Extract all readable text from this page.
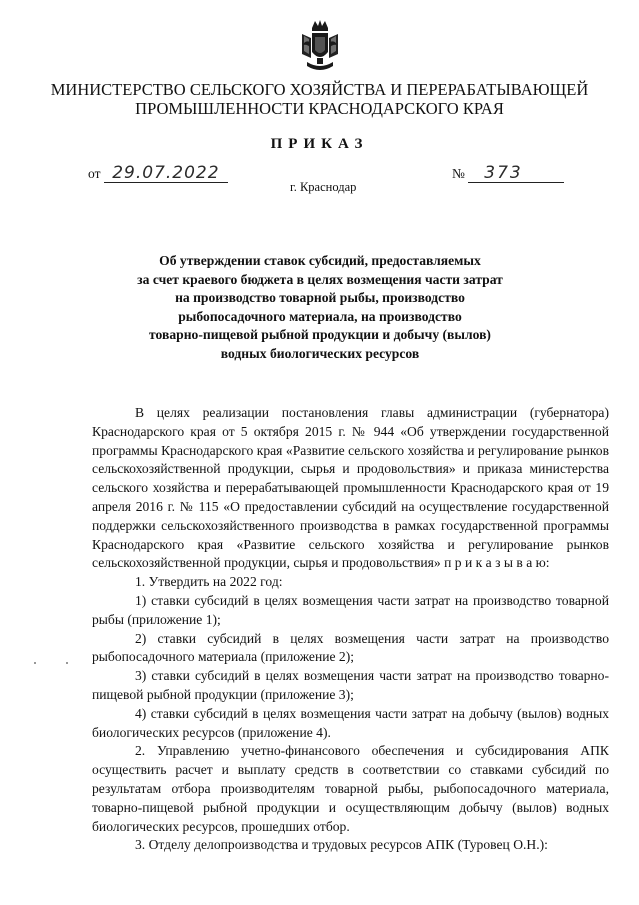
МИНИСТЕРСТВО СЕЛЬСКОГО ХОЗЯЙСТВА И ПЕРЕРАБАТЫВАЮЩЕЙ
ПРОМЫШЛЕННОСТИ КРАСНОДАРСКОГО КРАЯ
ПРИКАЗ
от 29.07.2022	№ 373
г. Краснодар
Об утверждении ставок субсидий, предоставляемых
за счет краевого бюджета в целях возмещения части затрат
на производство товарной рыбы, производство
рыбопосадочного материала, на производство
товарно-пищевой рыбной продукции и добычу (вылов)
водных биологических ресурсов

В целях реализации постановления главы администрации (губернатора) Краснодарского края от 5 октября 2015 г. № 944 «Об утверждении государственной программы Краснодарского края «Развитие сельского хозяйства и регулирование рынков сельскохозяйственной продукции, сырья и продовольствия» и приказа министерства сельского хозяйства и перерабатывающей промышленности Краснодарского края от 19 апреля 2016 г. № 115 «О предоставлении субсидий на осуществление государственной поддержки сельскохозяйственного производства в рамках государственной программы Краснодарского края «Развитие сельского хозяйства и регулирование рынков сельскохозяйственной продукции, сырья и продовольствия» п р и к а з ы в а ю:

1. Утвердить на 2022 год:

1) ставки субсидий в целях возмещения части затрат на производство товарной рыбы (приложение 1);

2) ставки субсидий в целях возмещения части затрат на производство рыбопосадочного материала (приложение 2);

3) ставки субсидий в целях возмещения части затрат на производство товарно-пищевой рыбной продукции (приложение 3);

4) ставки субсидий в целях возмещения части затрат на добычу (вылов) водных биологических ресурсов (приложение 4).

2. Управлению учетно-финансового обеспечения и субсидирования АПК осуществить расчет и выплату средств в соответствии со ставками субсидий по результатам отбора производителям товарной рыбы, рыбопосадочного материала, товарно-пищевой рыбной продукции и осуществляющим добычу (вылов) водных биологических ресурсов, прошедших отбор.

3. Отделу делопроизводства и трудовых ресурсов АПК (Туровец О.Н.):
